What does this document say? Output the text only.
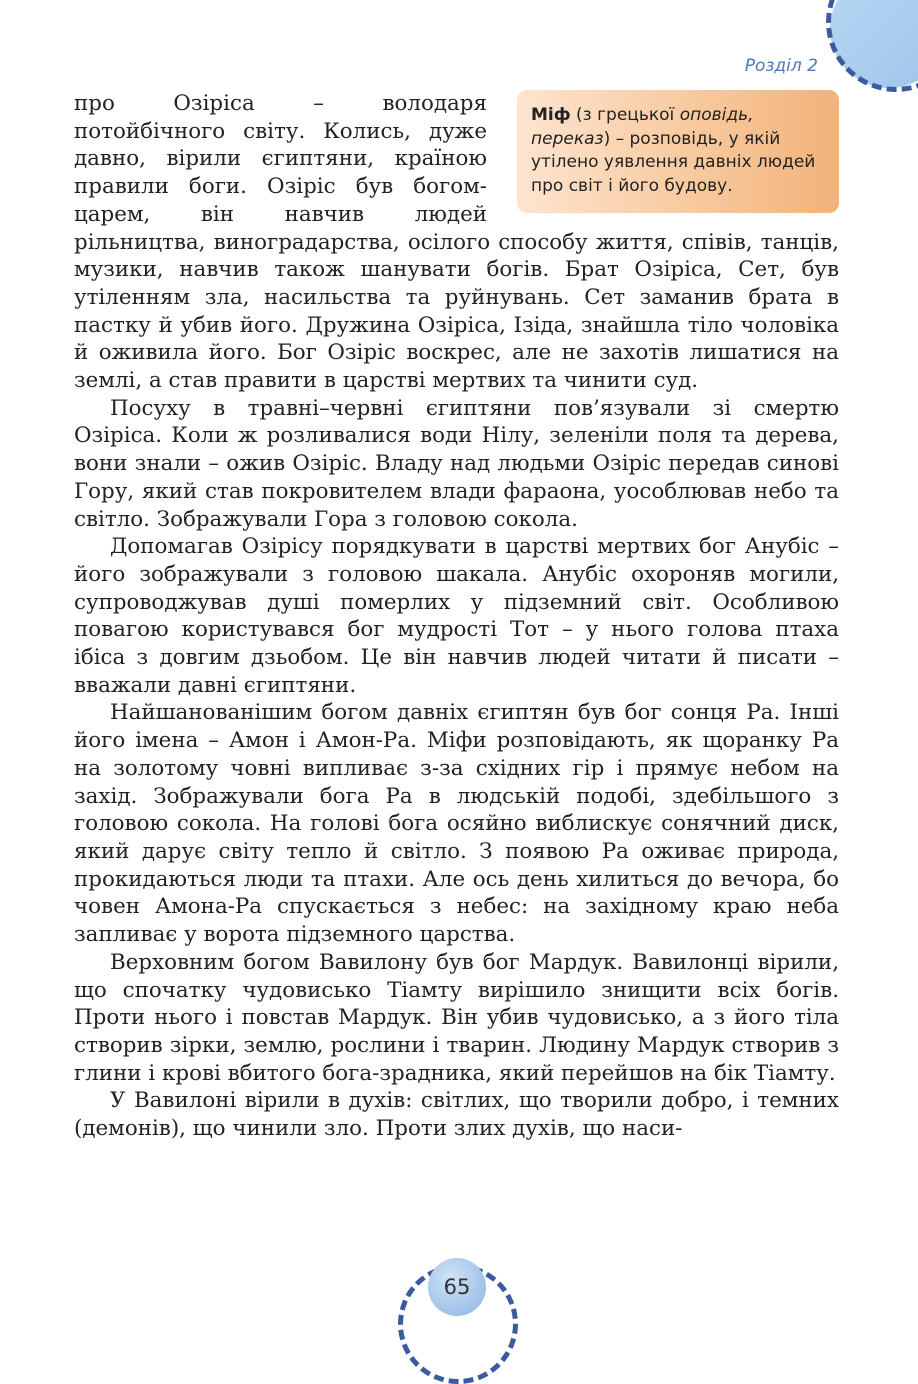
Розділ 2
Міф (з грецької оповідь, переказ) – розповідь, у якій утілено уявлення давніх людей про світ і його будову.

про Озіріса – володаря потойбічного світу. Колись, дуже давно, вірили єгиптяни, країною правили боги. Озіріс був богом-царем, він навчив людей рільництва, виноградарства, осілого способу життя, співів, танців, музики, навчив також шанувати богів. Брат Озіріса, Сет, був утіленням зла, насильства та руйнувань. Сет заманив брата в пастку й убив його. Дружина Озіріса, Ізіда, знайшла тіло чоловіка й оживила його. Бог Озіріс воскрес, але не захотів лишатися на землі, а став правити в царстві мертвих та чинити суд.

Посуху в травні–червні єгиптяни пов’язували зі смертю Озіріса. Коли ж розливалися води Нілу, зеленіли поля та дерева, вони знали – ожив Озіріс. Владу над людьми Озіріс передав синові Гору, який став покровителем влади фараона, уособлював небо та світло. Зображували Гора з головою сокола.

Допомагав Озірісу порядкувати в царстві мертвих бог Анубіс – його зображували з головою шакала. Анубіс охороняв могили, супроводжував душі померлих у підземний світ. Особливою повагою користувався бог мудрості Тот – у нього голова птаха ібіса з довгим дзьобом. Це він навчив людей читати й писати – вважали давні єгиптяни.

Найшанованішим богом давніх єгиптян був бог сонця Ра. Інші його імена – Амон і Амон-Ра. Міфи розповідають, як щоранку Ра на золотому човні випливає з-за східних гір і прямує небом на захід. Зображували бога Ра в людській подобі, здебільшого з головою сокола. На голові бога осяйно виблискує сонячний диск, який дарує світу тепло й світло. З появою Ра оживає природа, прокидаються люди та птахи. Але ось день хилиться до вечора, бо човен Амона-Ра спускається з небес: на західному краю неба запливає у ворота підземного царства.

Верховним богом Вавилону був бог Мардук. Вавилонці вірили, що спочатку чудовисько Тіамту вирішило знищити всіх богів. Проти нього і повстав Мардук. Він убив чудовисько, а з його тіла створив зірки, землю, рослини і тварин. Людину Мардук створив з глини і крові вбитого бога-зрадника, який перейшов на бік Тіамту.

У Вавилоні вірили в духів: світлих, що творили добро, і темних (демонів), що чинили зло. Проти злих духів, що наси-

65
